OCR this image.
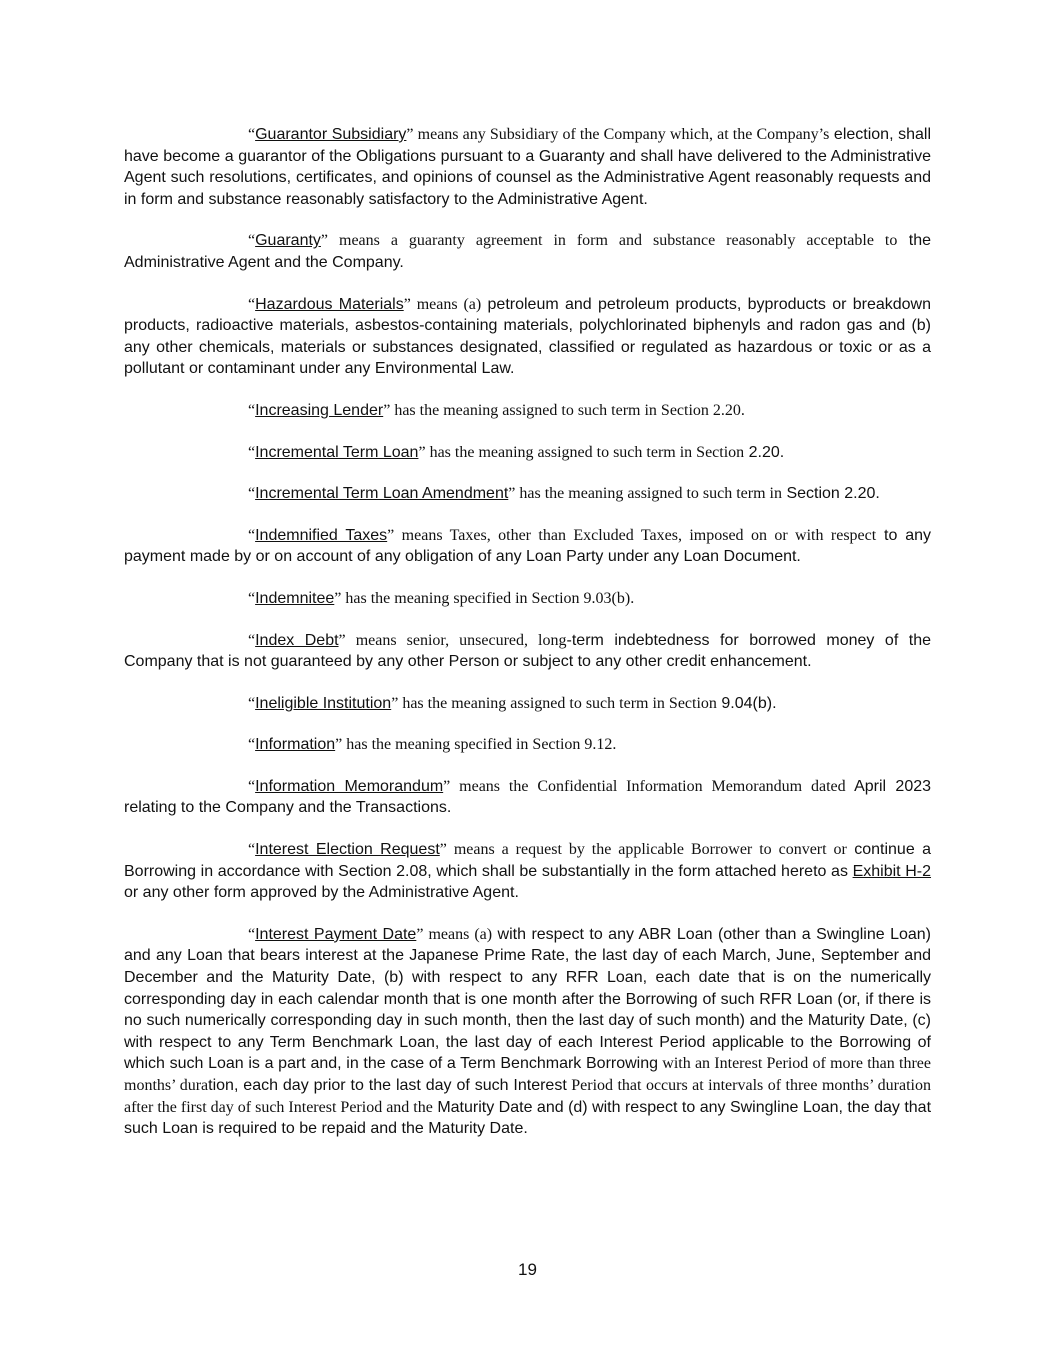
“Guarantor Subsidiary” means any Subsidiary of the Company which, at the Company’s election, shall have become a guarantor of the Obligations pursuant to a Guaranty and shall have delivered to the Administrative Agent such resolutions, certificates, and opinions of counsel as the Administrative Agent reasonably requests and in form and substance reasonably satisfactory to the Administrative Agent.

“Guaranty” means a guaranty agreement in form and substance reasonably acceptable to the Administrative Agent and the Company.

“Hazardous Materials” means (a) petroleum and petroleum products, byproducts or breakdown products, radioactive materials, asbestos-containing materials, polychlorinated biphenyls and radon gas and (b) any other chemicals, materials or substances designated, classified or regulated as hazardous or toxic or as a pollutant or contaminant under any Environmental Law.

“Increasing Lender” has the meaning assigned to such term in Section 2.20.

“Incremental Term Loan” has the meaning assigned to such term in Section 2.20.

“Incremental Term Loan Amendment” has the meaning assigned to such term in Section 2.20.

“Indemnified Taxes” means Taxes, other than Excluded Taxes, imposed on or with respect to any payment made by or on account of any obligation of any Loan Party under any Loan Document.

“Indemnitee” has the meaning specified in Section 9.03(b).

“Index Debt” means senior, unsecured, long-term indebtedness for borrowed money of the Company that is not guaranteed by any other Person or subject to any other credit enhancement.

“Ineligible Institution” has the meaning assigned to such term in Section 9.04(b).

“Information” has the meaning specified in Section 9.12.

“Information Memorandum” means the Confidential Information Memorandum dated April 2023 relating to the Company and the Transactions.

“Interest Election Request” means a request by the applicable Borrower to convert or continue a Borrowing in accordance with Section 2.08, which shall be substantially in the form attached hereto as Exhibit H-2 or any other form approved by the Administrative Agent.

“Interest Payment Date” means (a) with respect to any ABR Loan (other than a Swingline Loan) and any Loan that bears interest at the Japanese Prime Rate, the last day of each March, June, September and December and the Maturity Date, (b) with respect to any RFR Loan, each date that is on the numerically corresponding day in each calendar month that is one month after the Borrowing of such RFR Loan (or, if there is no such numerically corresponding day in such month, then the last day of such month) and the Maturity Date, (c) with respect to any Term Benchmark Loan, the last day of each Interest Period applicable to the Borrowing of which such Loan is a part and, in the case of a Term Benchmark Borrowing with an Interest Period of more than three months’ duration, each day prior to the last day of such Interest Period that occurs at intervals of three months’ duration after the first day of such Interest Period and the Maturity Date and (d) with respect to any Swingline Loan, the day that such Loan is required to be repaid and the Maturity Date.

19
